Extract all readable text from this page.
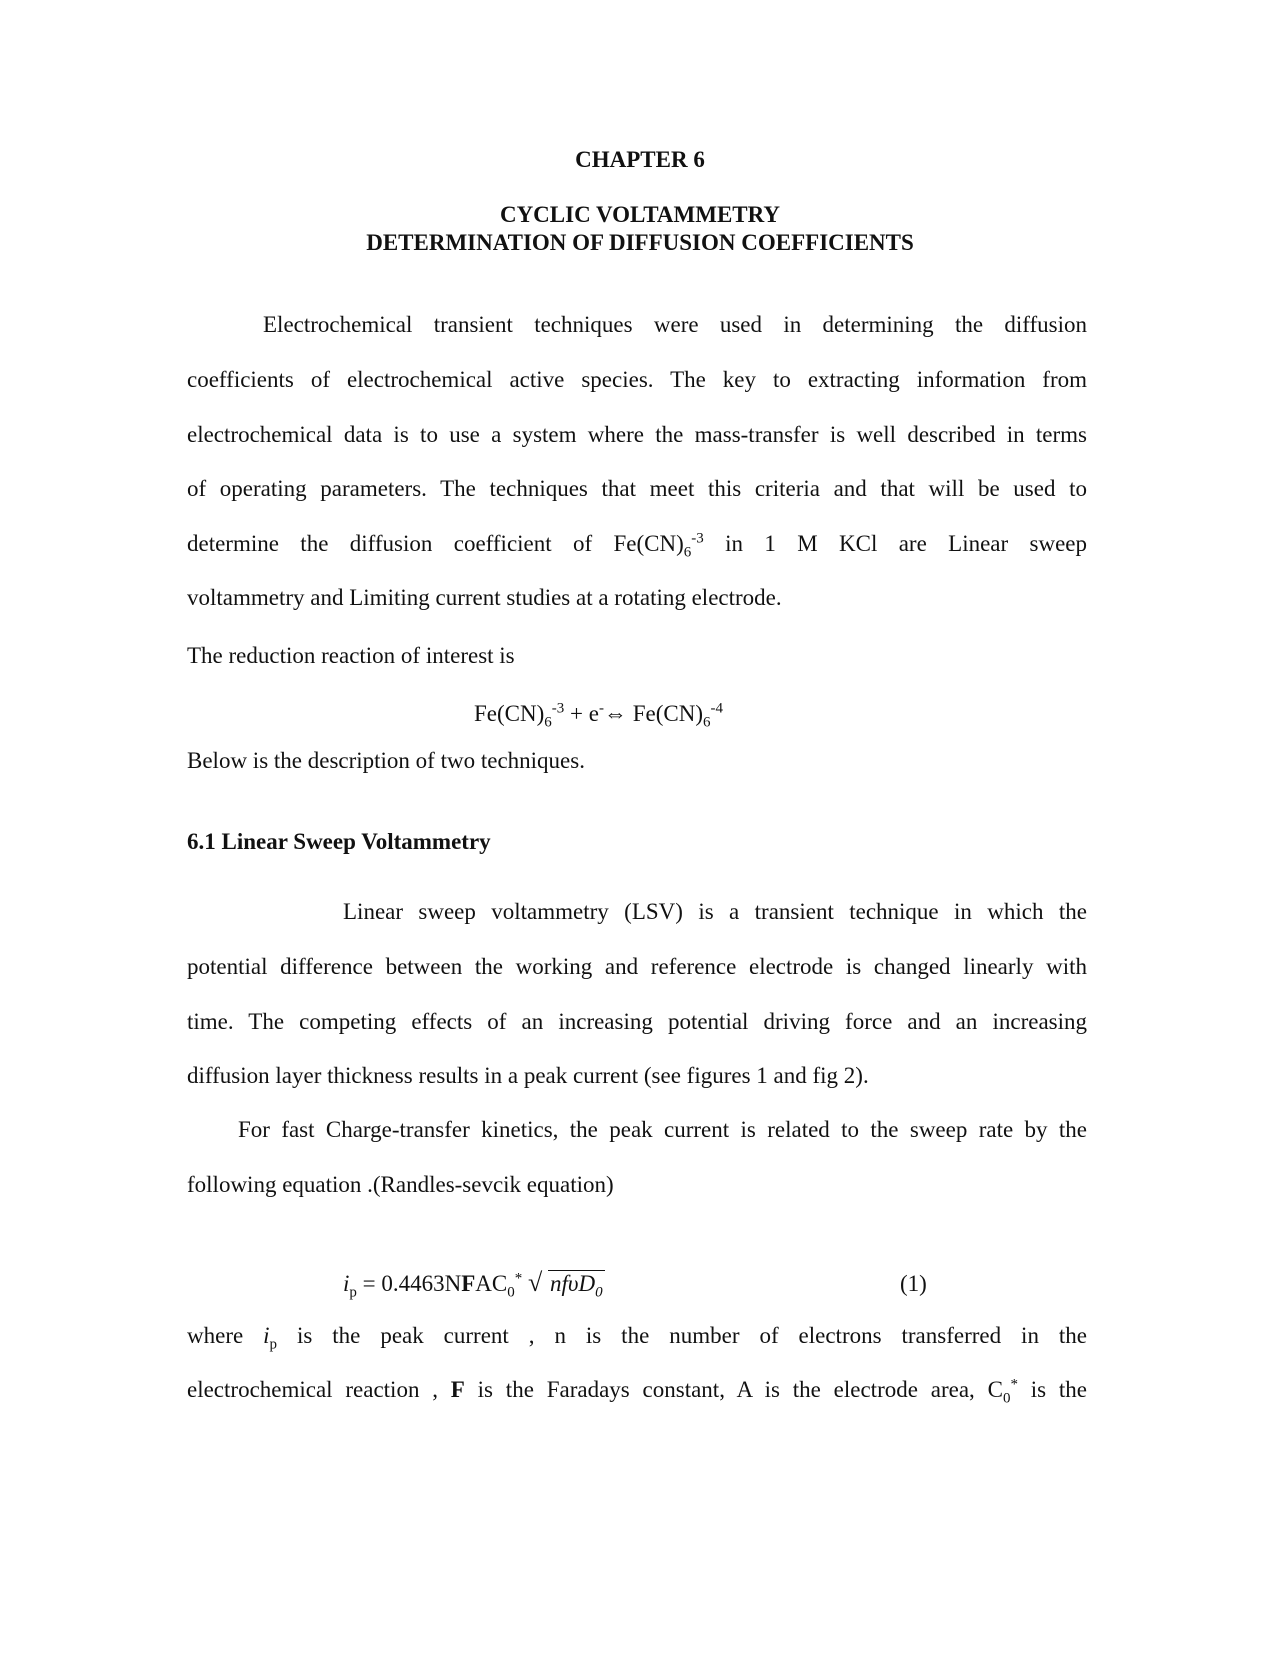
CHAPTER 6
CYCLIC VOLTAMMETRY
DETERMINATION OF DIFFUSION COEFFICIENTS
Electrochemical transient techniques were used in determining the diffusion
coefficients of electrochemical active species. The key to extracting information from
electrochemical data is to use a system where the mass-transfer is well described in terms
of operating parameters. The techniques that meet this criteria and that will be used to
determine the diffusion coefficient of $Fe(CN)_6^{-3}$ in 1 M KCl are Linear sweep
voltammetry and Limiting current studies at a rotating electrode.
The reduction reaction of interest is
$Fe(CN)_6^{-3}$ + e-⇔ $Fe(CN)_6^{-4}$
Below is the description of two techniques.
6.1 Linear Sweep Voltammetry
Linear sweep voltammetry (LSV) is a transient technique in which the
potential difference between the working and reference electrode is changed linearly with
time. The competing effects of an increasing potential driving force and an increasing
diffusion layer thickness results in a peak current (see figures 1 and fig 2).
For fast Charge-transfer kinetics, the peak current is related to the sweep rate by the
following equation .(Randles-sevcik equation)
$i_p$ = $0.4463NFAC_0^*$ √ nfυD$_0$	(1)
where $i_p$ is the peak current , n is the number of electrons transferred in the
electrochemical reaction , F is the Faradays constant, A is the electrode area, $C_0^*$ is the
